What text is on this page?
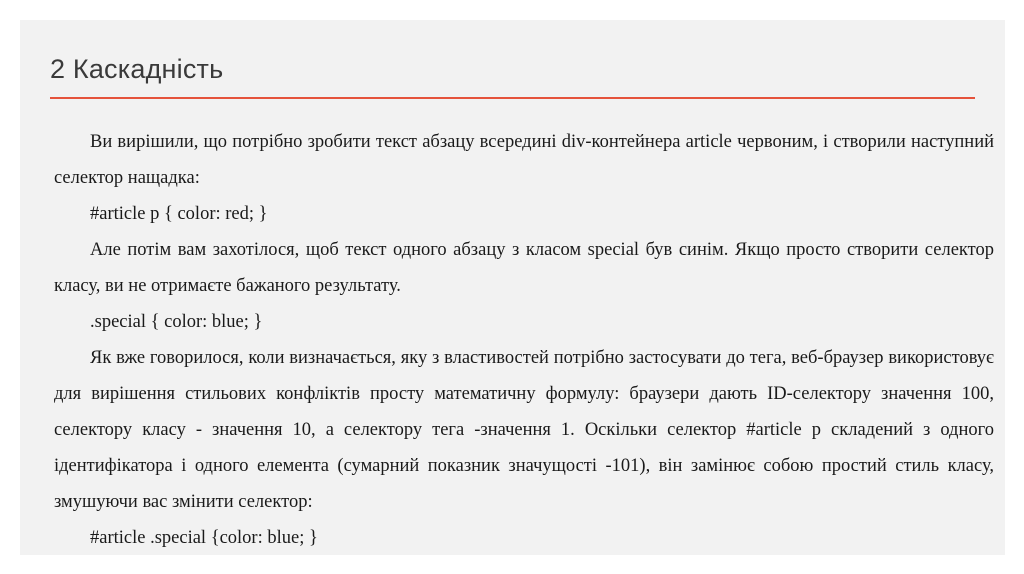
2 Каскадність

Ви вирішили, що потрібно зробити текст абзацу всередині div-контейнера article червоним, і створили наступний селектор нащадка:

#article p { color: red; }

Але потім вам захотілося, щоб текст одного абзацу з класом special був синім. Якщо просто створити селектор класу, ви не отримаєте бажаного результату.

.special { color: blue; }

Як вже говорилося, коли визначається, яку з властивостей потрібно застосувати до тега, веб-браузер використовує для вирішення стильових конфліктів просту математичну формулу: браузери дають ID-селектору значення 100, селектору класу - значення 10, а селектору тега -значення 1. Оскільки селектор #article p складений з одного ідентифікатора і одного елемента (сумарний показник значущості -101), він замінює собою простий стиль класу, змушуючи вас змінити селектор:

#article .special {color: blue; }
